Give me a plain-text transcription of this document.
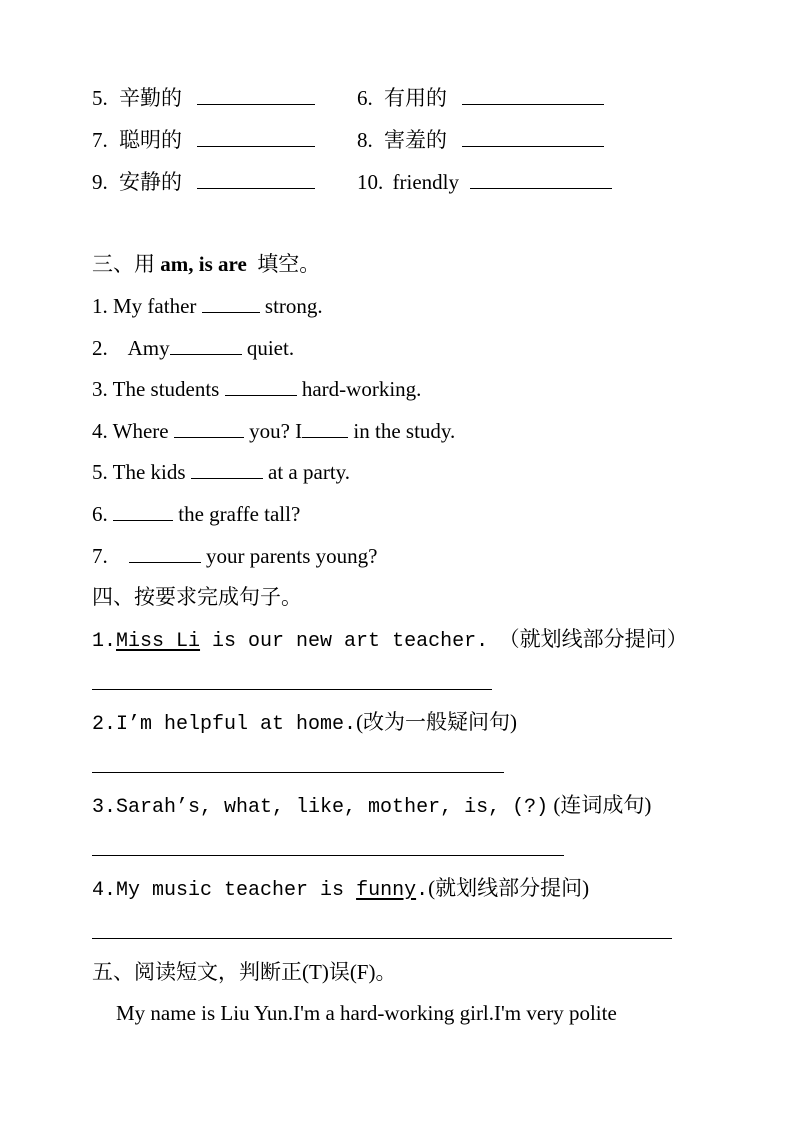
5. 辛勤的	6. 有用的
7. 聪明的	8. 害羞的
9. 安静的	10. friendly
三、用 am, is are  填空。
1. My father	strong.
2.    Amy	quiet.
3. The students	hard-working.
4. Where	you? I in the study.
5. The kids	at a party.
6.	the graffe tall?
7.	your parents young?
四、按要求完成句子。
1.Miss Li is our new art teacher.  （就划线部分提问）
2.I’m helpful at home.(改为一般疑问句)
3.Sarah’s, what, like, mother, is, (?) (连词成句)
4.My music teacher is funny.(就划线部分提问)
五、阅读短文，判断正(T)误(F)。
My name is Liu Yun.I'm a hard-working girl.I'm very polite
